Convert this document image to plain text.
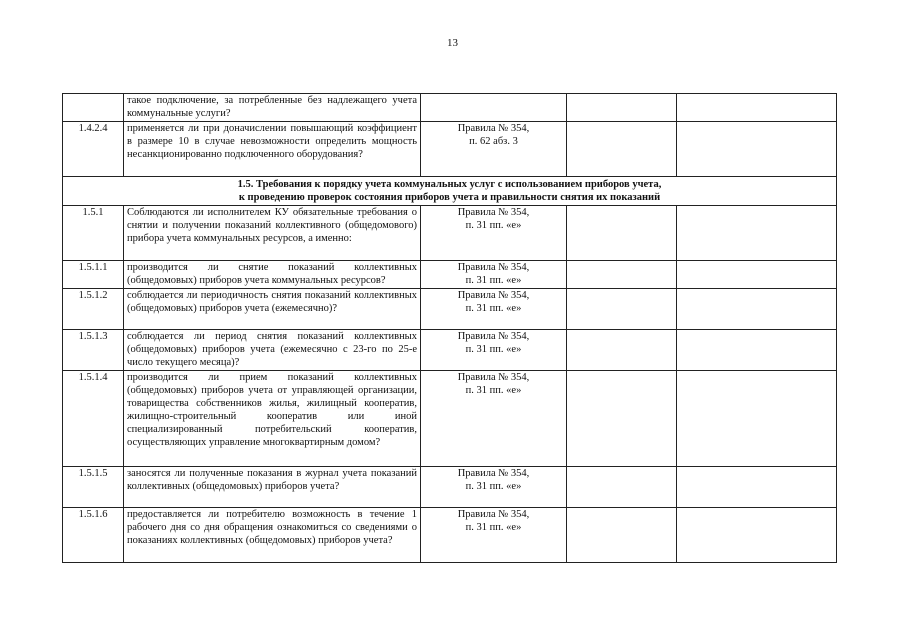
13
	такое подключение, за потребленные без надлежащего учета коммунальные услуги?			
1.4.2.4	применяется ли при доначислении повышающий коэффициент в размере 10 в случае невозможности определить мощность несанкционированно подключенного оборудования?	Правила № 354,
п. 62 абз. 3		
1.5. Требования к порядку учета коммунальных услуг с использованием приборов учета,
к проведению проверок состояния приборов учета и правильности снятия их показаний				
1.5.1	Соблюдаются ли исполнителем КУ обязательные требования о снятии и получении показаний коллективного (общедомового) прибора учета коммунальных ресурсов, а именно:	Правила № 354,
п. 31 пп. «е»		
1.5.1.1	производится ли снятие показаний коллективных (общедомовых) приборов учета коммунальных ресурсов?	Правила № 354,
п. 31 пп. «е»		
1.5.1.2	соблюдается ли периодичность снятия показаний коллективных (общедомовых) приборов учета (ежемесячно)?	Правила № 354,
п. 31 пп. «е»		
1.5.1.3	соблюдается ли период снятия показаний коллективных (общедомовых) приборов учета (ежемесячно с 23-го по 25-е число текущего месяца)?	Правила № 354,
п. 31 пп. «е»		
1.5.1.4	производится ли прием показаний коллективных (общедомовых) приборов учета от управляющей организации, товарищества собственников жилья, жилищный кооператив, жилищно-строительный кооператив или иной специализированный потребительский кооператив, осуществляющих управление многоквартирным домом?	Правила № 354,
п. 31 пп. «е»		
1.5.1.5	заносятся ли полученные показания в журнал учета показаний коллективных (общедомовых) приборов учета?	Правила № 354,
п. 31 пп. «е»		
1.5.1.6	предоставляется ли потребителю возможность в течение 1 рабочего дня со дня обращения ознакомиться со сведениями о показаниях коллективных (общедомовых) приборов учета?	Правила № 354,
п. 31 пп. «е»		
